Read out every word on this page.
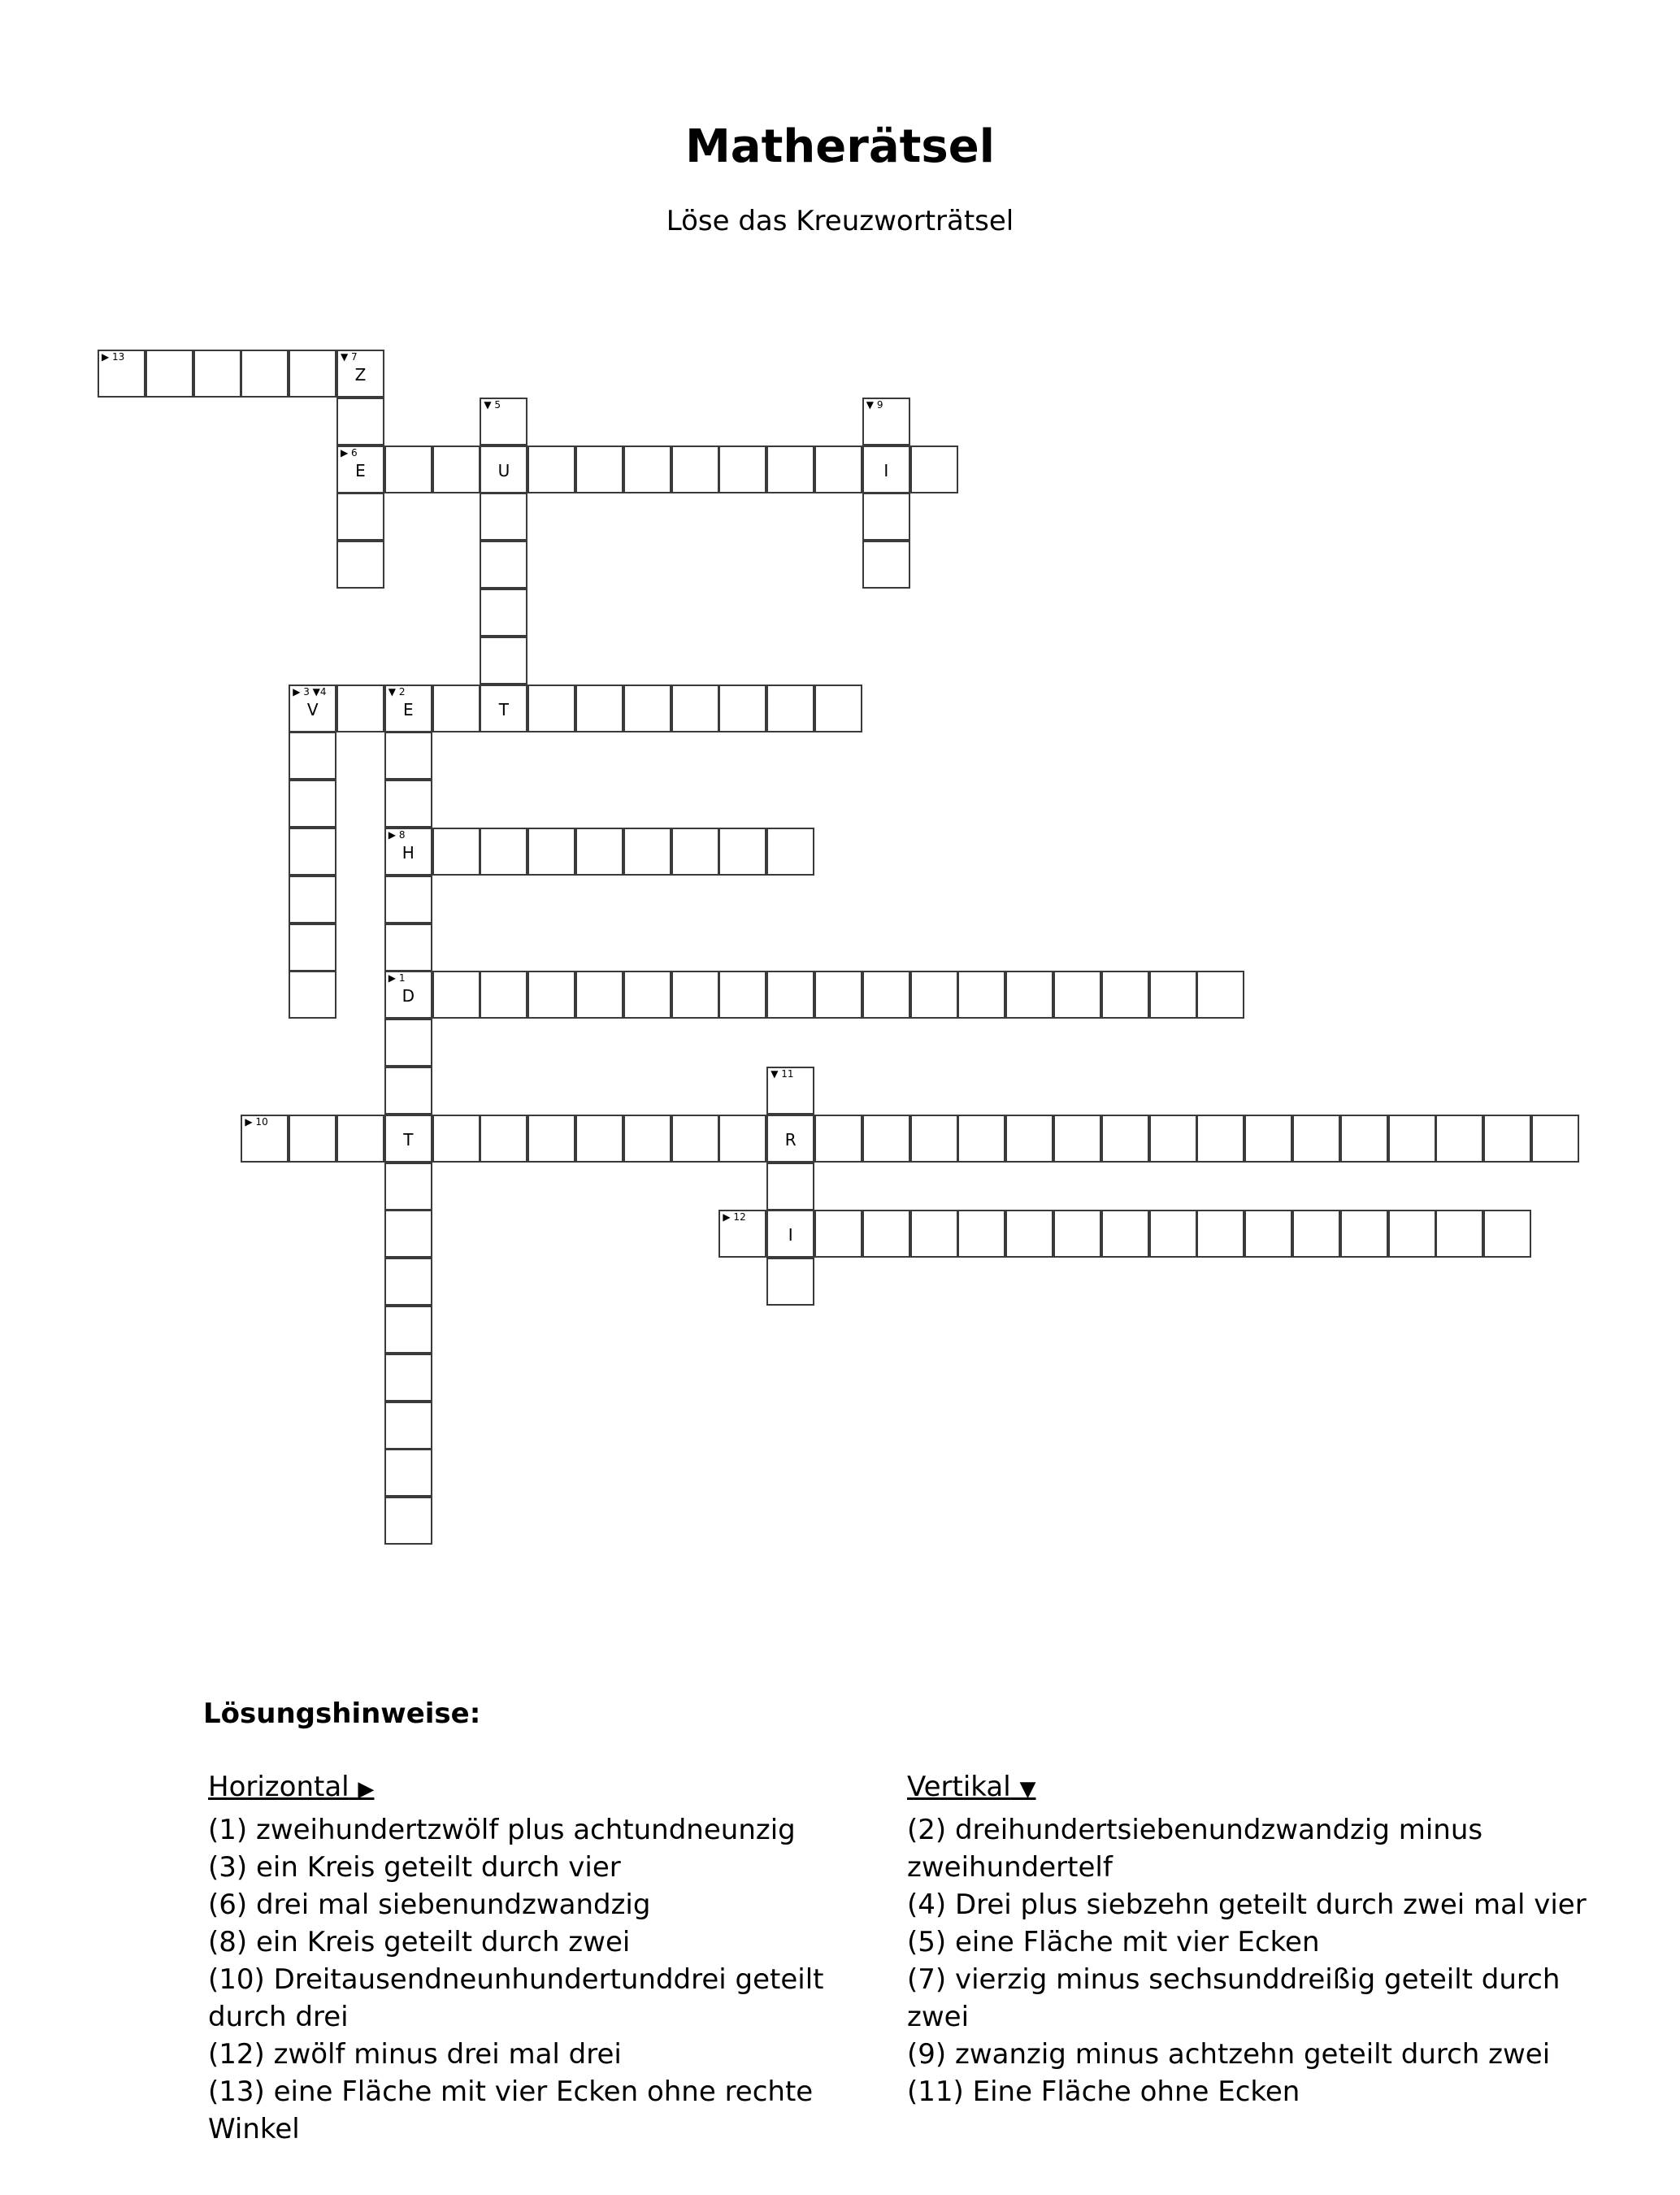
Matherätsel
Löse das Kreuzworträtsel
▶ 13	▼ 7
Z
▶ 6
E
▼ 5
U
T
▼ 9
I
▶ 3 ▼4
V
▼ 2
E
▶ 8
H
▶ 1
D
T
▼ 11
R
I
▶ 10
▶ 12
Lösungshinweise:
Horizontal ▶
(1) zweihundertzwölf plus achtundneunzig
(3) ein Kreis geteilt durch vier
(6) drei mal siebenundzwandzig
(8) ein Kreis geteilt durch zwei
(10) Dreitausendneunhundertunddrei geteilt durch drei
(12) zwölf minus drei mal drei
(13) eine Fläche mit vier Ecken ohne rechte Winkel
Vertikal ▼
(2) dreihundertsiebenundzwandzig minus zweihundertelf
(4) Drei plus siebzehn geteilt durch zwei mal vier
(5) eine Fläche mit vier Ecken
(7) vierzig minus sechsunddreißig geteilt durch zwei
(9) zwanzig minus achtzehn geteilt durch zwei
(11) Eine Fläche ohne Ecken
